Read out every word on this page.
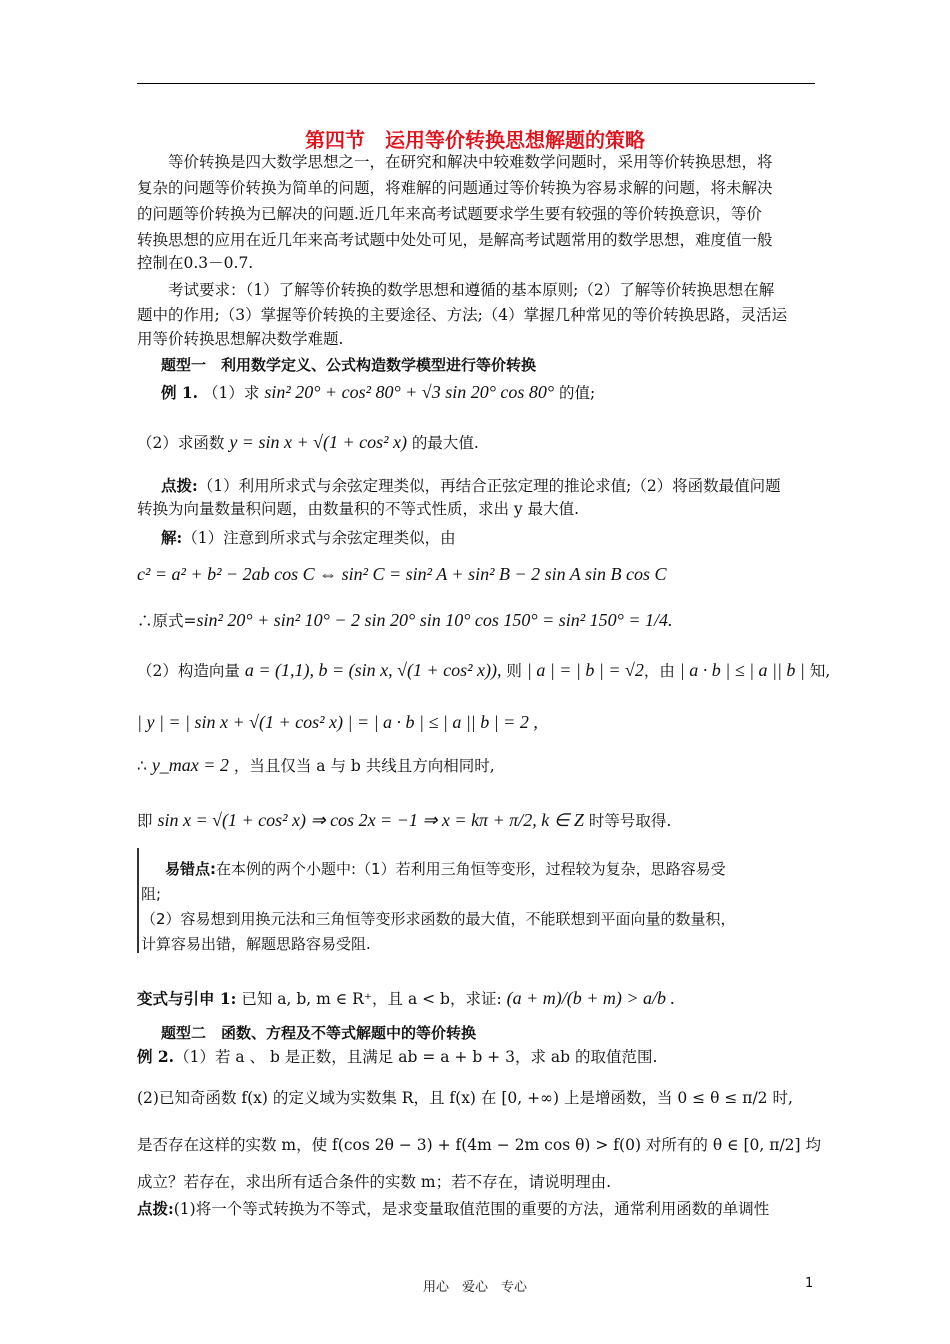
第四节　运用等价转换思想解题的策略
　　等价转换是四大数学思想之一，在研究和解决中较难数学问题时，采用等价转换思想，将
复杂的问题等价转换为简单的问题，将难解的问题通过等价转换为容易求解的问题，将未解决
的问题等价转换为已解决的问题.近几年来高考试题要求学生要有较强的等价转换意识，等价
转换思想的应用在近几年来高考试题中处处可见，是解高考试题常用的数学思想，难度值一般
控制在0.3－0.7.
　　考试要求：（1）了解等价转换的数学思想和遵循的基本原则;（2）了解等价转换思想在解
题中的作用;（3）掌握等价转换的主要途径、方法;（4）掌握几种常见的等价转换思路，灵活运
用等价转换思想解决数学难题.
题型一　利用数学定义、公式构造数学模型进行等价转换
例 1. （1）求 sin² 20° + cos² 80° + √3 sin 20° cos 80° 的值;
（2）求函数 y = sin x + √(1 + cos² x) 的最大值.
点拨:（1）利用所求式与余弦定理类似，再结合正弦定理的推论求值;（2）将函数最值问题
转换为向量数量积问题，由数量积的不等式性质，求出 y 最大值.
解:（1）注意到所求式与余弦定理类似，由
c² = a² + b² − 2ab cos C ⇔ sin² C = sin² A + sin² B − 2 sin A sin B cos C
∴原式=sin² 20° + sin² 10° − 2 sin 20° sin 10° cos 150° = sin² 150° = 1/4.
（2）构造向量 a = (1,1), b = (sin x, √(1 + cos² x)), 则 | a | = | b | = √2，由 | a · b | ≤ | a || b | 知,
| y | = | sin x + √(1 + cos² x) | = | a · b | ≤ | a || b | = 2 ,
∴ y_max = 2 ，当且仅当 a 与 b 共线且方向相同时,
即 sin x = √(1 + cos² x) ⇒ cos 2x = −1 ⇒ x = kπ + π/2, k ∈ Z 时等号取得.
易错点:在本例的两个小题中:（1）若利用三角恒等变形，过程较为复杂，思路容易受
阻;
（2）容易想到用换元法和三角恒等变形求函数的最大值，不能联想到平面向量的数量积，
计算容易出错，解题思路容易受阻.
变式与引申 1: 已知 a, b, m ∈ R⁺，且 a < b，求证: (a + m)/(b + m) > a/b .
题型二　函数、方程及不等式解题中的等价转换
例 2.（1）若 a 、 b 是正数，且满足 ab = a + b + 3，求 ab 的取值范围.
(2)已知奇函数 f(x) 的定义域为实数集 R，且 f(x) 在 [0, +∞) 上是增函数，当 0 ≤ θ ≤ π/2 时,
是否存在这样的实数 m，使 f(cos 2θ − 3) + f(4m − 2m cos θ) > f(0) 对所有的 θ ∈ [0, π/2] 均
成立？若存在，求出所有适合条件的实数 m；若不存在，请说明理由.
点拨:(1)将一个等式转换为不等式，是求变量取值范围的重要的方法，通常利用函数的单调性
用心　爱心　专心	1
